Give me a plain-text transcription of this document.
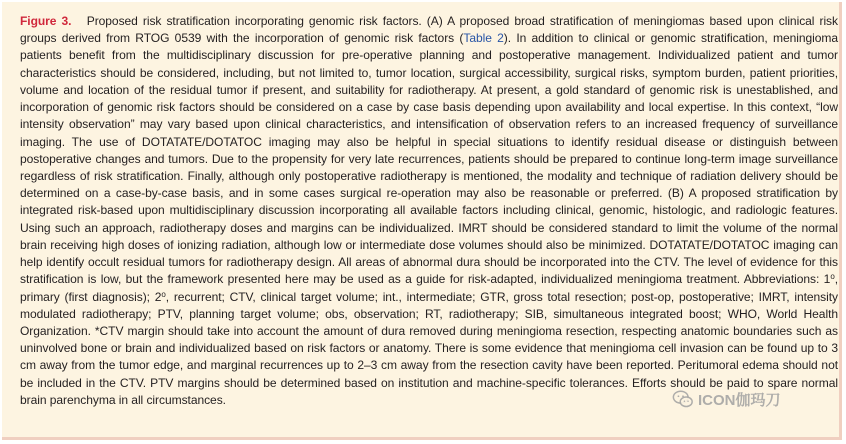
Figure 3. Proposed risk stratification incorporating genomic risk factors. (A) A proposed broad stratification of meningiomas based upon clinical risk groups derived from RTOG 0539 with the incorporation of genomic risk factors (Table 2). In addition to clinical or genomic stratification, meningioma patients benefit from the multidisciplinary discussion for pre-operative planning and postoperative management. Individualized patient and tumor characteristics should be considered, including, but not limited to, tumor location, surgical accessibility, surgical risks, symptom burden, patient priorities, volume and location of the residual tumor if present, and suitability for radiotherapy. At present, a gold standard of genomic risk is unestablished, and incorporation of genomic risk factors should be considered on a case by case basis depending upon availability and local expertise. In this context, “low intensity observation” may vary based upon clinical characteristics, and intensification of observation refers to an increased frequency of surveillance imaging. The use of DOTATATE/DOTATOC imaging may also be helpful in special situations to identify residual disease or distinguish between postoperative changes and tumors. Due to the propensity for very late recurrences, patients should be prepared to continue long-term image surveillance regardless of risk stratification. Finally, although only postoperative radiotherapy is mentioned, the modality and technique of radiation delivery should be determined on a case-by-case basis, and in some cases surgical re-operation may also be reasonable or preferred. (B) A proposed stratification by integrated risk-based upon multidisciplinary discussion incorporating all available factors including clinical, genomic, histologic, and radiologic features. Using such an approach, radiotherapy doses and margins can be individualized. IMRT should be considered standard to limit the volume of the normal brain receiving high doses of ionizing radiation, although low or intermediate dose volumes should also be minimized. DOTATATE/DOTATOC imaging can help identify occult residual tumors for radiotherapy design. All areas of abnormal dura should be incorporated into the CTV. The level of evidence for this stratification is low, but the framework presented here may be used as a guide for risk-adapted, individualized meningioma treatment. Abbreviations: 1$^o$, primary (first diagnosis); 2$^o$, recurrent; CTV, clinical target volume; int., intermediate; GTR, gross total resection; post-op, postoperative; IMRT, intensity modulated radiotherapy; PTV, planning target volume; obs, observation; RT, radiotherapy; SIB, simultaneous integrated boost; WHO, World Health Organization. *CTV margin should take into account the amount of dura removed during meningioma resection, respecting anatomic boundaries such as uninvolved bone or brain and individualized based on risk factors or anatomy. There is some evidence that meningioma cell invasion can be found up to 3 cm away from the tumor edge, and marginal recurrences up to 2–3 cm away from the resection cavity have been reported. Peritumoral edema should not be included in the CTV. PTV margins should be determined based on institution and machine-specific tolerances. Efforts should be paid to spare normal brain parenchyma in all circumstances.	ICON伽玛刀
